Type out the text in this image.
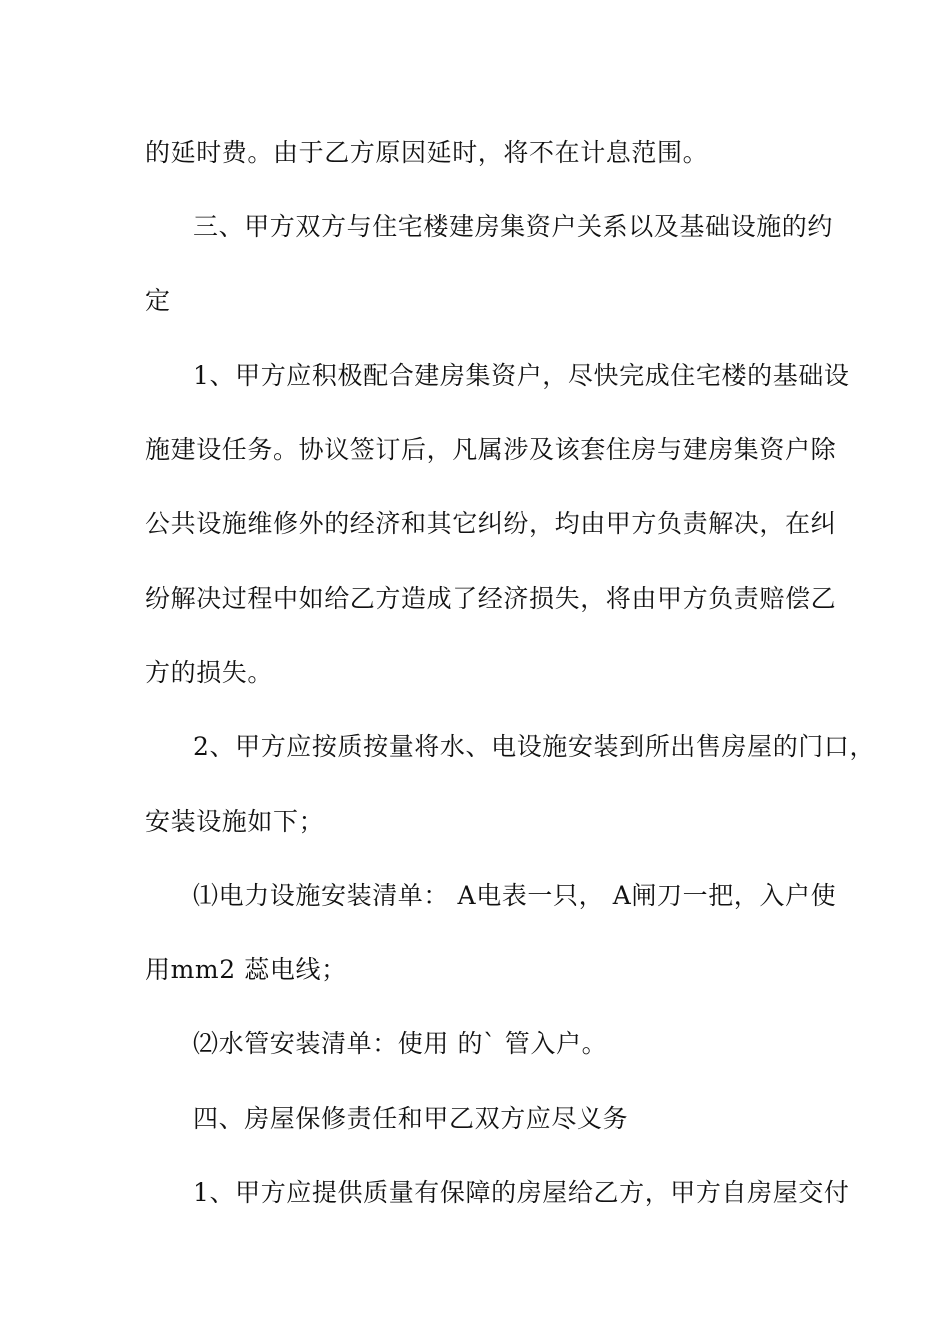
的延时费。由于乙方原因延时，将不在计息范围。
三、甲方双方与住宅楼建房集资户关系以及基础设施的约
定
1、甲方应积极配合建房集资户，尽快完成住宅楼的基础设
施建设任务。协议签订后，凡属涉及该套住房与建房集资户除
公共设施维修外的经济和其它纠纷，均由甲方负责解决，在纠
纷解决过程中如给乙方造成了经济损失，将由甲方负责赔偿乙
方的损失。
2、甲方应按质按量将水、电设施安装到所出售房屋的门口，
安装设施如下；
⑴电力设施安装清单： A电表一只， A闸刀一把，入户使
用mm2 蕊电线；
⑵水管安装清单：使用 的` 管入户。
四、房屋保修责任和甲乙双方应尽义务
1、甲方应提供质量有保障的房屋给乙方，甲方自房屋交付
